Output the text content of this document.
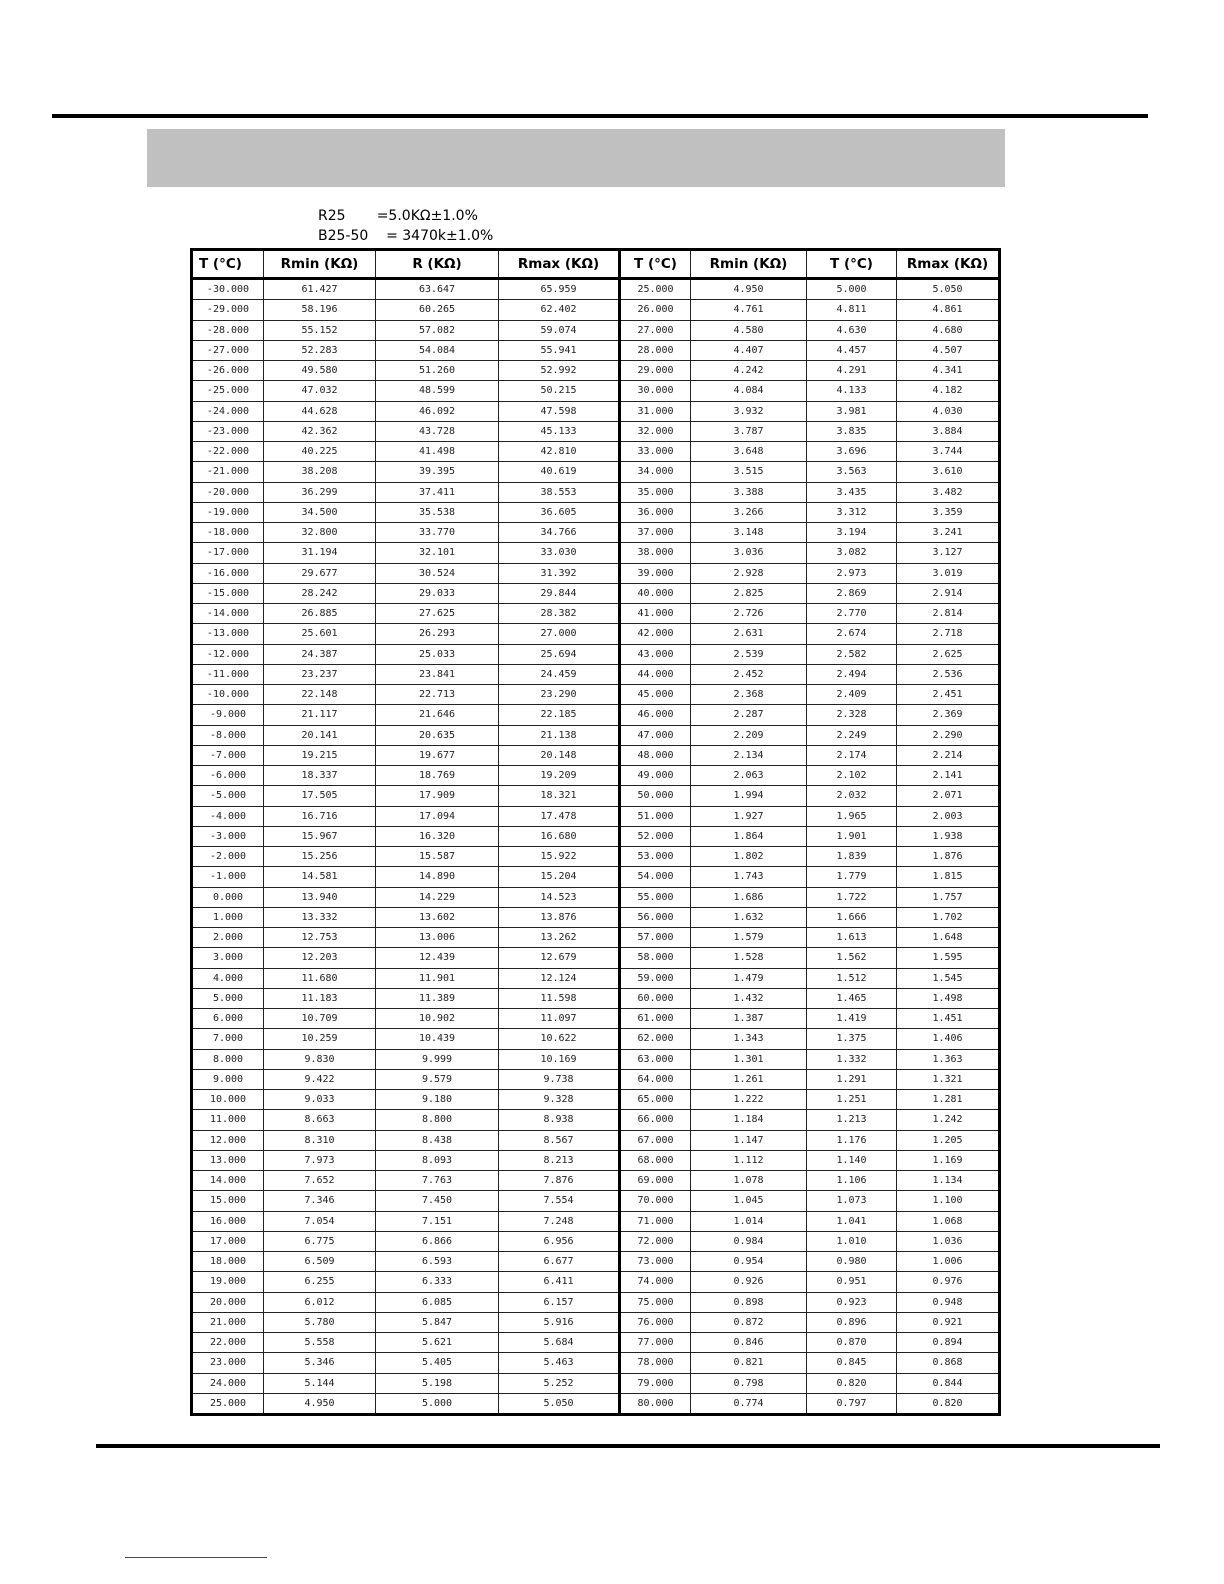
R25       =5.0KΩ±1.0%
B25-50    = 3470k±1.0%
T (°C)	Rmin (KΩ)	R (KΩ)	Rmax (KΩ)	T (°C)	Rmin (KΩ)	T (°C)	Rmax (KΩ)
-30.000	61.427	63.647	65.959	25.000	4.950	5.000	5.050
-29.000	58.196	60.265	62.402	26.000	4.761	4.811	4.861
-28.000	55.152	57.082	59.074	27.000	4.580	4.630	4.680
-27.000	52.283	54.084	55.941	28.000	4.407	4.457	4.507
-26.000	49.580	51.260	52.992	29.000	4.242	4.291	4.341
-25.000	47.032	48.599	50.215	30.000	4.084	4.133	4.182
-24.000	44.628	46.092	47.598	31.000	3.932	3.981	4.030
-23.000	42.362	43.728	45.133	32.000	3.787	3.835	3.884
-22.000	40.225	41.498	42.810	33.000	3.648	3.696	3.744
-21.000	38.208	39.395	40.619	34.000	3.515	3.563	3.610
-20.000	36.299	37.411	38.553	35.000	3.388	3.435	3.482
-19.000	34.500	35.538	36.605	36.000	3.266	3.312	3.359
-18.000	32.800	33.770	34.766	37.000	3.148	3.194	3.241
-17.000	31.194	32.101	33.030	38.000	3.036	3.082	3.127
-16.000	29.677	30.524	31.392	39.000	2.928	2.973	3.019
-15.000	28.242	29.033	29.844	40.000	2.825	2.869	2.914
-14.000	26.885	27.625	28.382	41.000	2.726	2.770	2.814
-13.000	25.601	26.293	27.000	42.000	2.631	2.674	2.718
-12.000	24.387	25.033	25.694	43.000	2.539	2.582	2.625
-11.000	23.237	23.841	24.459	44.000	2.452	2.494	2.536
-10.000	22.148	22.713	23.290	45.000	2.368	2.409	2.451
-9.000	21.117	21.646	22.185	46.000	2.287	2.328	2.369
-8.000	20.141	20.635	21.138	47.000	2.209	2.249	2.290
-7.000	19.215	19.677	20.148	48.000	2.134	2.174	2.214
-6.000	18.337	18.769	19.209	49.000	2.063	2.102	2.141
-5.000	17.505	17.909	18.321	50.000	1.994	2.032	2.071
-4.000	16.716	17.094	17.478	51.000	1.927	1.965	2.003
-3.000	15.967	16.320	16.680	52.000	1.864	1.901	1.938
-2.000	15.256	15.587	15.922	53.000	1.802	1.839	1.876
-1.000	14.581	14.890	15.204	54.000	1.743	1.779	1.815
0.000	13.940	14.229	14.523	55.000	1.686	1.722	1.757
1.000	13.332	13.602	13.876	56.000	1.632	1.666	1.702
2.000	12.753	13.006	13.262	57.000	1.579	1.613	1.648
3.000	12.203	12.439	12.679	58.000	1.528	1.562	1.595
4.000	11.680	11.901	12.124	59.000	1.479	1.512	1.545
5.000	11.183	11.389	11.598	60.000	1.432	1.465	1.498
6.000	10.709	10.902	11.097	61.000	1.387	1.419	1.451
7.000	10.259	10.439	10.622	62.000	1.343	1.375	1.406
8.000	9.830	9.999	10.169	63.000	1.301	1.332	1.363
9.000	9.422	9.579	9.738	64.000	1.261	1.291	1.321
10.000	9.033	9.180	9.328	65.000	1.222	1.251	1.281
11.000	8.663	8.800	8.938	66.000	1.184	1.213	1.242
12.000	8.310	8.438	8.567	67.000	1.147	1.176	1.205
13.000	7.973	8.093	8.213	68.000	1.112	1.140	1.169
14.000	7.652	7.763	7.876	69.000	1.078	1.106	1.134
15.000	7.346	7.450	7.554	70.000	1.045	1.073	1.100
16.000	7.054	7.151	7.248	71.000	1.014	1.041	1.068
17.000	6.775	6.866	6.956	72.000	0.984	1.010	1.036
18.000	6.509	6.593	6.677	73.000	0.954	0.980	1.006
19.000	6.255	6.333	6.411	74.000	0.926	0.951	0.976
20.000	6.012	6.085	6.157	75.000	0.898	0.923	0.948
21.000	5.780	5.847	5.916	76.000	0.872	0.896	0.921
22.000	5.558	5.621	5.684	77.000	0.846	0.870	0.894
23.000	5.346	5.405	5.463	78.000	0.821	0.845	0.868
24.000	5.144	5.198	5.252	79.000	0.798	0.820	0.844
25.000	4.950	5.000	5.050	80.000	0.774	0.797	0.820
